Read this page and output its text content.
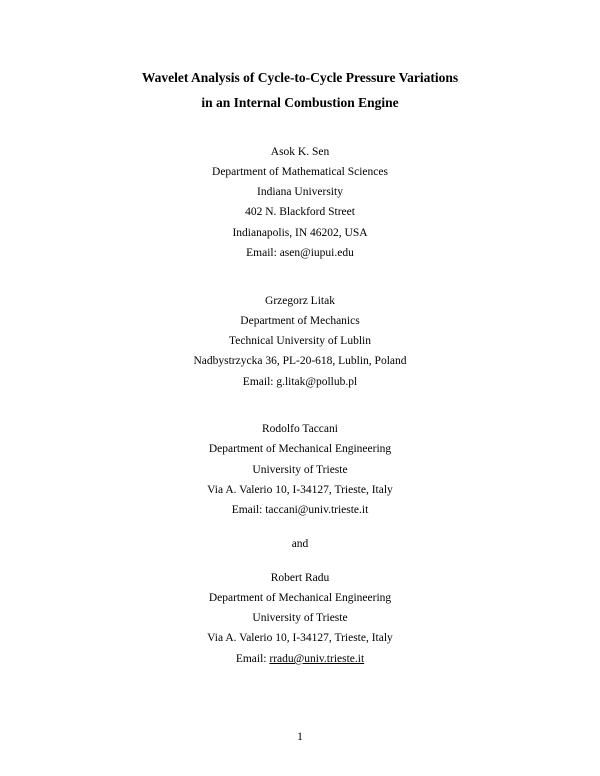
Wavelet Analysis of Cycle-to-Cycle Pressure Variations
in an Internal Combustion Engine
Asok K. Sen
Department of Mathematical Sciences
Indiana University
402 N. Blackford Street
Indianapolis, IN 46202, USA
Email: asen@iupui.edu
Grzegorz Litak
Department of Mechanics
Technical University of Lublin
Nadbystrzycka 36, PL-20-618, Lublin, Poland
Email: g.litak@pollub.pl
Rodolfo Taccani
Department of Mechanical Engineering
University of Trieste
Via A. Valerio 10, I-34127, Trieste, Italy
Email: taccani@univ.trieste.it
and
Robert Radu
Department of Mechanical Engineering
University of Trieste
Via A. Valerio 10, I-34127, Trieste, Italy
Email: rradu@univ.trieste.it
1
